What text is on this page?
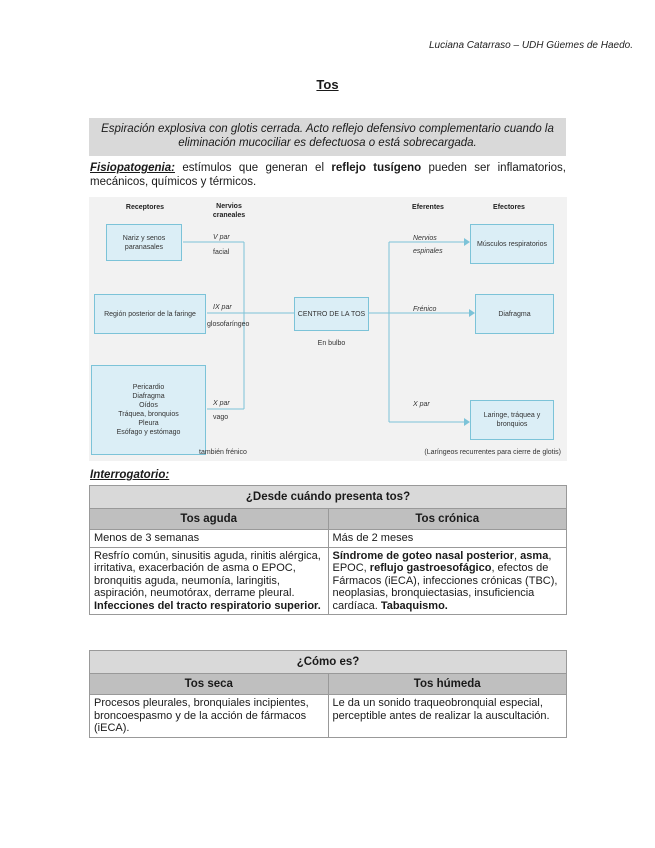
Luciana Catarraso – UDH Güemes de Haedo.
Tos
Espiración explosiva con glotis cerrada. Acto reflejo defensivo complementario cuando la eliminación mucociliar es defectuosa o está sobrecargada.
Fisiopatogenia: estímulos que generan el reflejo tusígeno pueden ser inflamatorios, mecánicos, químicos y térmicos.
Receptores	Nervios craneales
Eferentes	Efectores
Nariz y senos paranasales
Región posterior de la faringe
Pericardio
Diafragma
Oídos
Tráquea, bronquios
Pleura
Esófago y estómago
V par
facial
IX par
glosofaríngeo
X par
vago
también frénico
CENTRO DE LA TOS
En bulbo
Nervios
espinales
Frénico
X par
Músculos respiratorios
Diafragma
Laringe, tráquea y bronquios
(Laríngeos recurrentes para cierre de glotis)
Interrogatorio:
¿Desde cuándo presenta tos?	
Tos aguda	Tos crónica
Menos de 3 semanas	Más de 2 meses
Resfrío común, sinusitis aguda, rinitis alérgica, irritativa, exacerbación de asma o EPOC, bronquitis aguda, neumonía, laringitis, aspiración, neumotórax, derrame pleural. Infecciones del tracto respiratorio superior.	Síndrome de goteo nasal posterior, asma, EPOC, reflujo gastroesofágico, efectos de Fármacos (iECA), infecciones crónicas (TBC), neoplasias, bronquiectasias, insuficiencia cardíaca. Tabaquismo.
¿Cómo es?	
Tos seca	Tos húmeda
Procesos pleurales, bronquiales incipientes, broncoespasmo y de la acción de fármacos (iECA).	Le da un sonido traqueobronquial especial, perceptible antes de realizar la auscultación.
